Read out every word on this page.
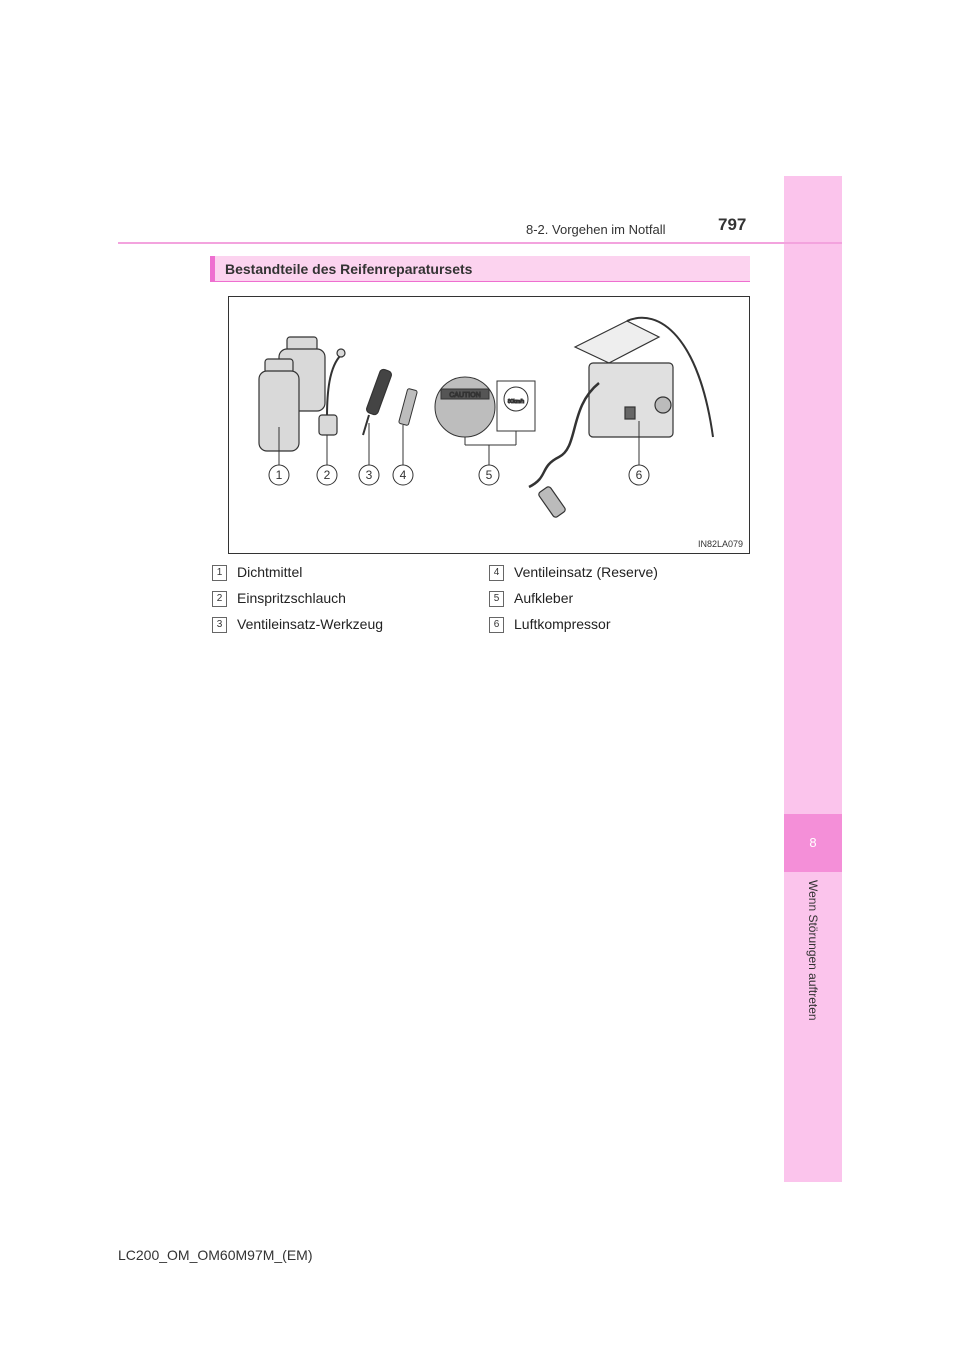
8
Wenn Störungen auftreten
8-2. Vorgehen im Notfall	797
Bestandteile des Reifenreparatursets
CAUTION
80km/h
1	2	3 4	5	6
IN82LA079
1 Dichtmittel
2 Einspritzschlauch
3 Ventileinsatz-Werkzeug
4 Ventileinsatz (Reserve)
5 Aufkleber
6 Luftkompressor
LC200_OM_OM60M97M_(EM)
